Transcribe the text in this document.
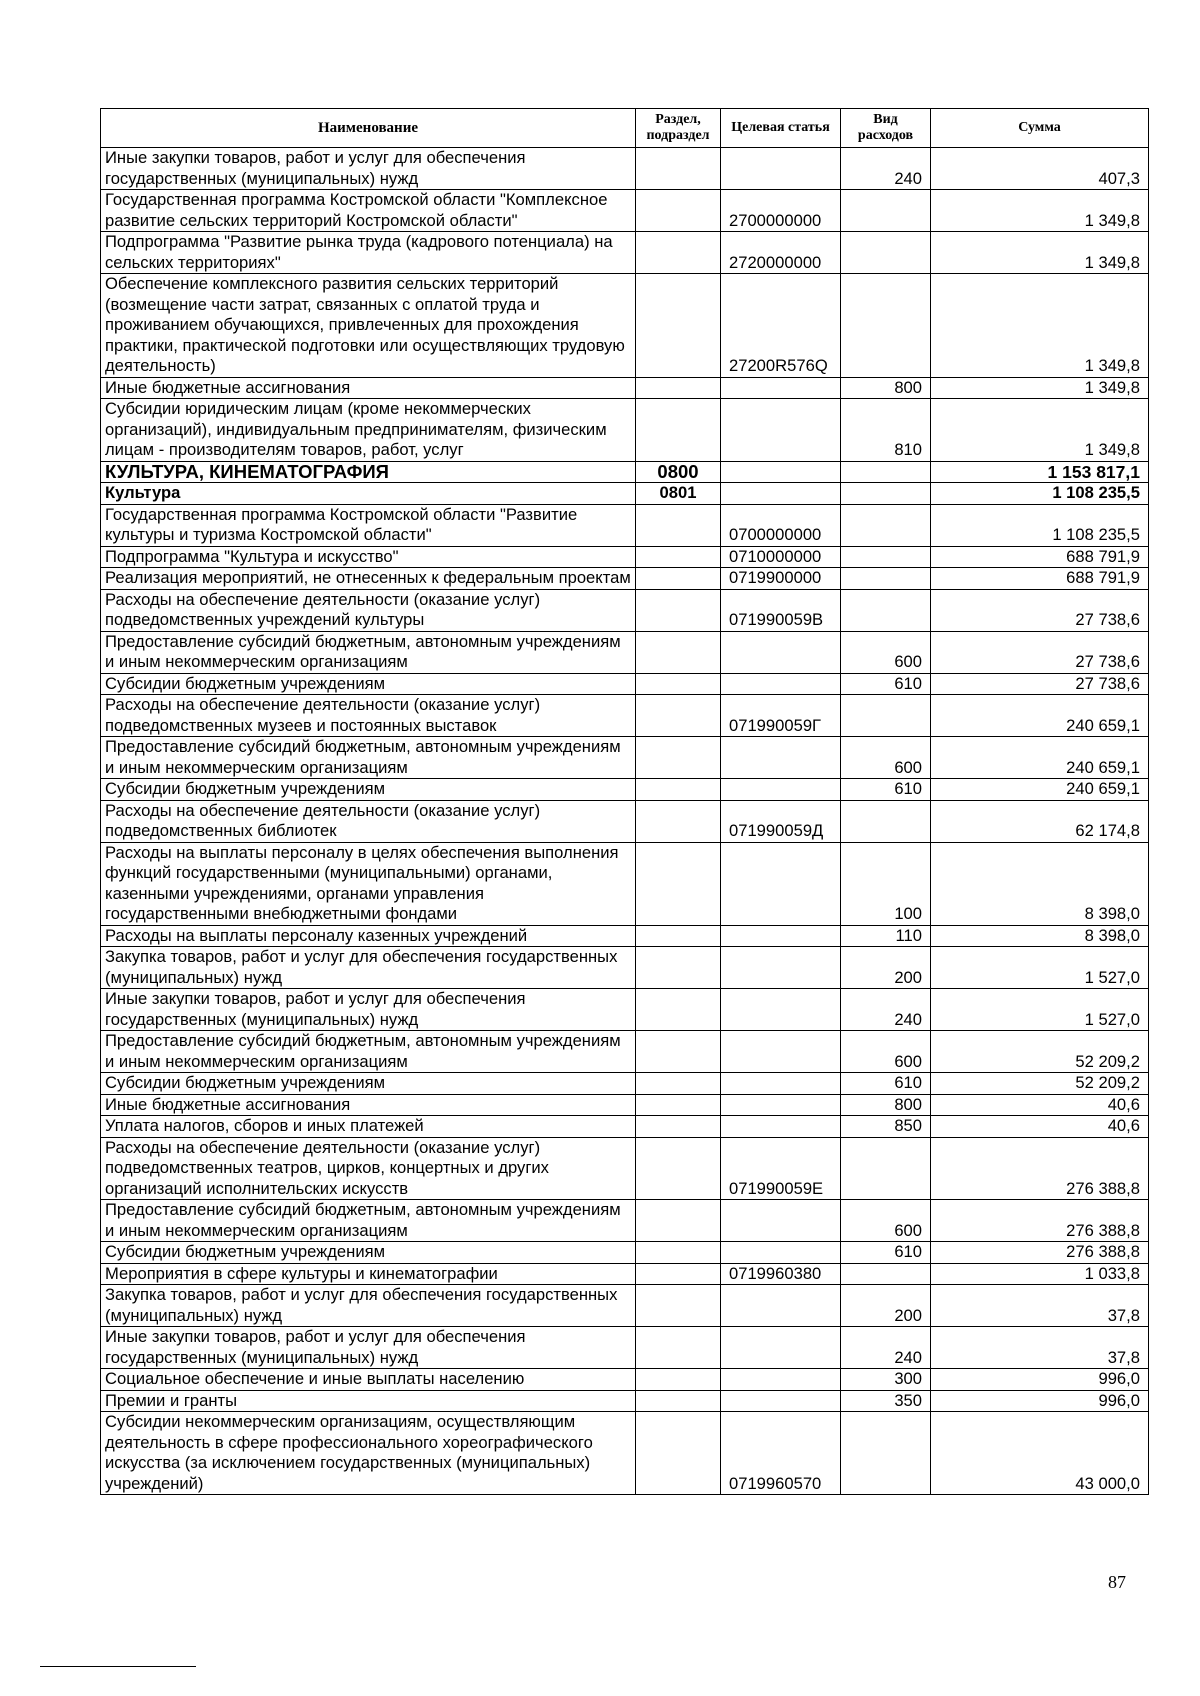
Наименование	Раздел, подраздел	Целевая статья	Вид расходов	Сумма
Иные закупки товаров, работ и услуг для обеспечения государственных (муниципальных) нужд			240	407,3
Государственная программа Костромской области "Комплексное развитие сельских территорий Костромской области"		2700000000		1 349,8
Подпрограмма "Развитие рынка труда (кадрового потенциала) на сельских территориях"		2720000000		1 349,8
Обеспечение комплексного развития сельских территорий (возмещение части затрат, связанных с оплатой труда и проживанием обучающихся, привлеченных для прохождения практики, практической подготовки или осуществляющих трудовую деятельность)		27200R576Q		1 349,8
Иные бюджетные ассигнования			800	1 349,8
Субсидии юридическим лицам (кроме некоммерческих организаций), индивидуальным предпринимателям, физическим лицам - производителям товаров, работ, услуг			810	1 349,8
КУЛЬТУРА, КИНЕМАТОГРАФИЯ	0800			1 153 817,1
Культура	0801			1 108 235,5
Государственная программа Костромской области "Развитие культуры и туризма Костромской области"		0700000000		1 108 235,5
Подпрограмма "Культура и искусство"		0710000000		688 791,9
Реализация мероприятий, не отнесенных к федеральным проектам		0719900000		688 791,9
Расходы на обеспечение деятельности (оказание услуг) подведомственных учреждений культуры		071990059В		27 738,6
Предоставление субсидий бюджетным, автономным учреждениям и иным некоммерческим организациям			600	27 738,6
Субсидии бюджетным учреждениям			610	27 738,6
Расходы на обеспечение деятельности (оказание услуг) подведомственных музеев и постоянных выставок		071990059Г		240 659,1
Предоставление субсидий бюджетным, автономным учреждениям и иным некоммерческим организациям			600	240 659,1
Субсидии бюджетным учреждениям			610	240 659,1
Расходы на обеспечение деятельности (оказание услуг) подведомственных библиотек		071990059Д		62 174,8
Расходы на выплаты персоналу в целях обеспечения выполнения функций государственными (муниципальными) органами, казенными учреждениями, органами управления государственными внебюджетными фондами			100	8 398,0
Расходы на выплаты персоналу казенных учреждений			110	8 398,0
Закупка товаров, работ и услуг для обеспечения государственных (муниципальных) нужд			200	1 527,0
Иные закупки товаров, работ и услуг для обеспечения государственных (муниципальных) нужд			240	1 527,0
Предоставление субсидий бюджетным, автономным учреждениям и иным некоммерческим организациям			600	52 209,2
Субсидии бюджетным учреждениям			610	52 209,2
Иные бюджетные ассигнования			800	40,6
Уплата налогов, сборов и иных платежей			850	40,6
Расходы на обеспечение деятельности (оказание услуг) подведомственных театров, цирков, концертных и других организаций исполнительских искусств		071990059Е		276 388,8
Предоставление субсидий бюджетным, автономным учреждениям и иным некоммерческим организациям			600	276 388,8
Субсидии бюджетным учреждениям			610	276 388,8
Мероприятия в сфере культуры и кинематографии		0719960380		1 033,8
Закупка товаров, работ и услуг для обеспечения государственных (муниципальных) нужд			200	37,8
Иные закупки товаров, работ и услуг для обеспечения государственных (муниципальных) нужд			240	37,8
Социальное обеспечение и иные выплаты населению			300	996,0
Премии и гранты			350	996,0
Субсидии некоммерческим организациям, осуществляющим деятельность в сфере профессионального хореографического искусства (за исключением государственных (муниципальных) учреждений)		0719960570		43 000,0
87
